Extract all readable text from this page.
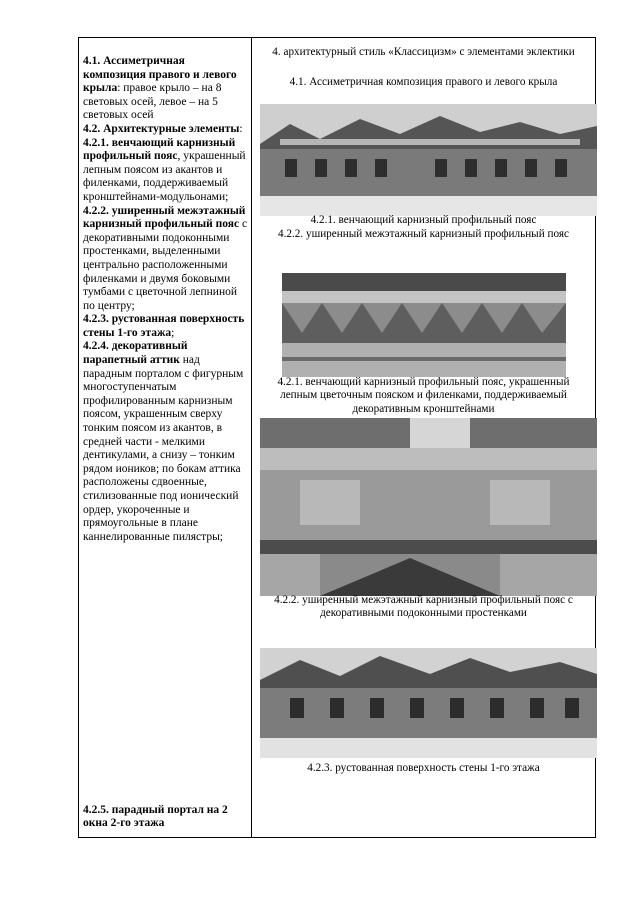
4.1. Ассиметричная композиция правого и левого крыла: правое крыло – на 8 световых осей, левое – на 5 световых осей

4.2. Архитектурные элементы:

4.2.1. венчающий карнизный профильный пояс, украшенный лепным поясом из акантов и филенками, поддерживаемый кронштейнами-модульонами;

4.2.2. уширенный межэтажный карнизный профильный пояс с декоративными подоконными простенками, выделенными центрально расположенными филенками и двумя боковыми тумбами с цветочной лепниной по центру;

4.2.3. рустованная поверхность стены 1-го этажа;

4.2.4. декоративный парапетный аттик над парадным порталом с фигурным многоступенчатым профилированным карнизным поясом, украшенным сверху тонким поясом из акантов, в средней части - мелкими дентикулами, а снизу – тонким рядом иоников; по бокам аттика расположены сдвоенные, стилизованные под ионический ордер, укороченные и прямоугольные в плане каннелированные пилястры;

4.2.5. парадный портал на 2 окна 2-го этажа
4. архитектурный стиль «Классицизм» с элементами эклектики
4.1. Ассиметричная композиция правого и левого крыла
4.2.1. венчающий карнизный профильный пояс
4.2.2. уширенный межэтажный карнизный профильный пояс
4.2.1. венчающий карнизный профильный пояс, украшенный лепным цветочным пояском и филенками, поддерживаемый декоративным кронштейнами
4.2.2. уширенный межэтажный карнизный профильный пояс с декоративными подоконными простенками
4.2.3. рустованная поверхность стены 1-го этажа
